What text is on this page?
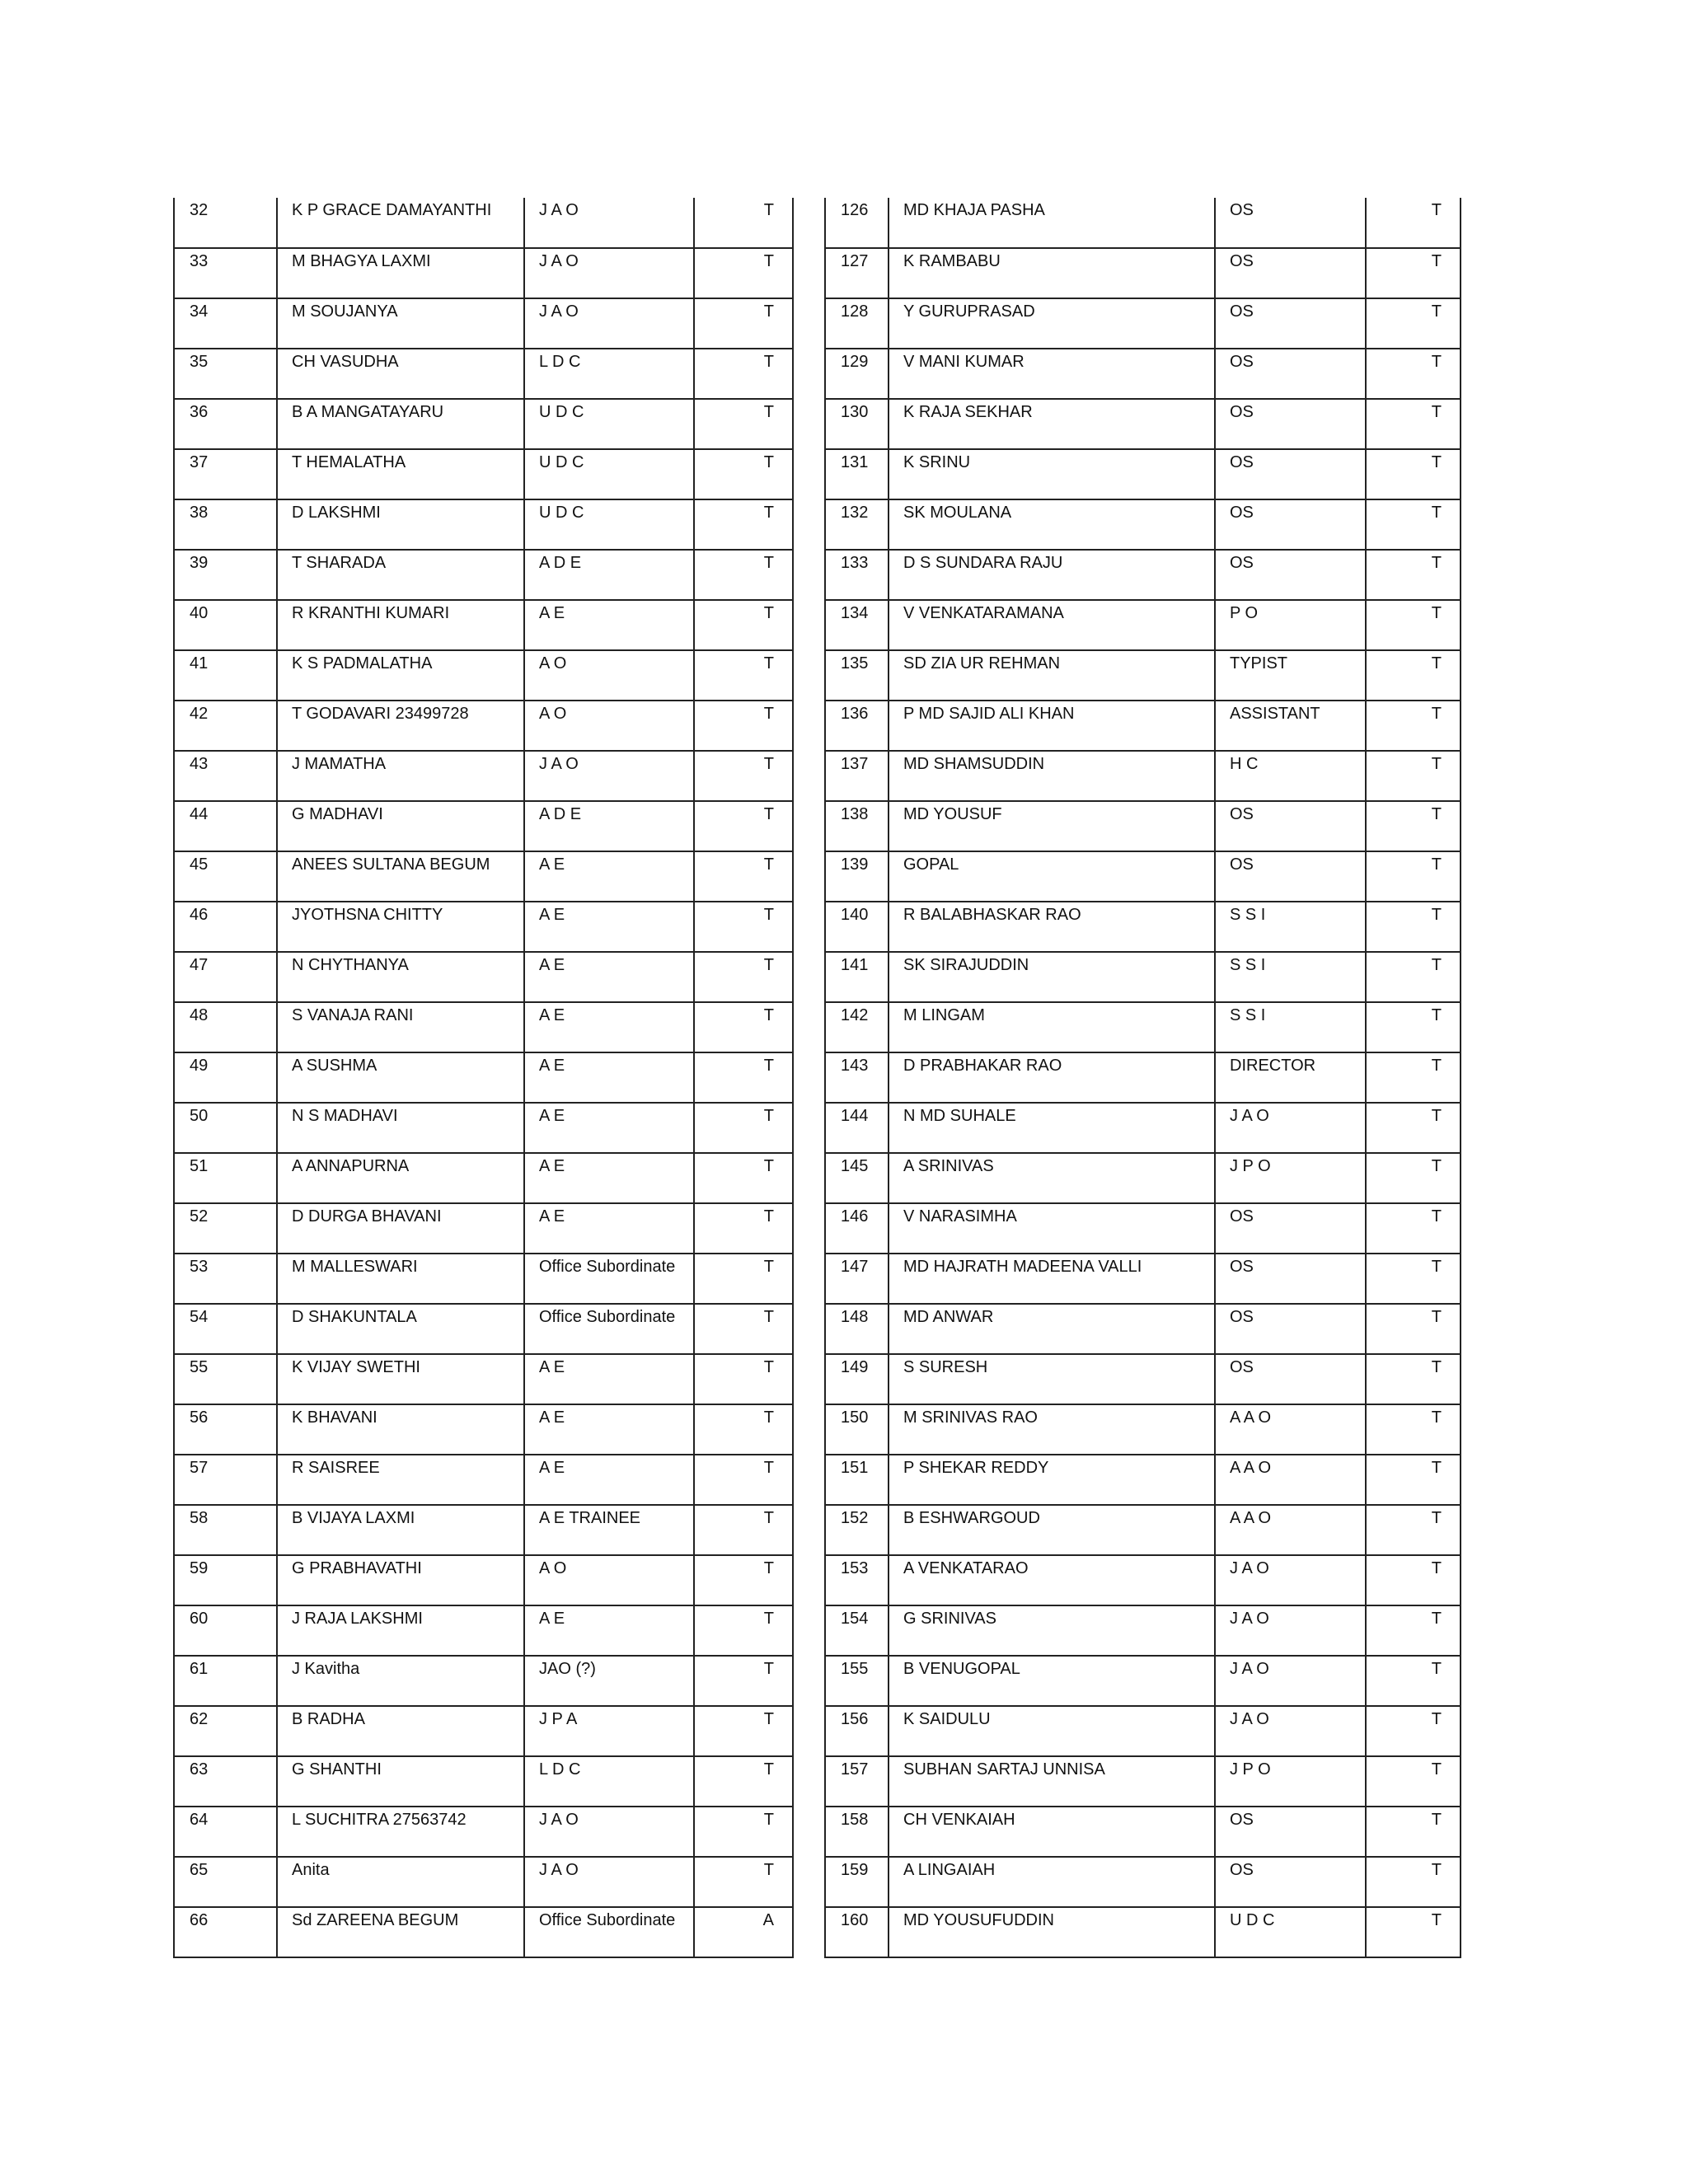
32	K P GRACE DAMAYANTHI	J A O	T

33	M BHAGYA LAXMI	J A O	T

34	M SOUJANYA	J A O	T

35	CH VASUDHA	L D C	T

36	B A MANGATAYARU	U D C	T

37	T HEMALATHA	U D C	T

38	D LAKSHMI	U D C	T

39	T SHARADA	A D E	T

40	R KRANTHI KUMARI	A E	T

41	K S PADMALATHA	A O	T

42	T GODAVARI 23499728	A O	T

43	J MAMATHA	J A O	T

44	G MADHAVI	A D E	T

45	ANEES SULTANA BEGUM	A E	T

46	JYOTHSNA CHITTY	A E	T

47	N CHYTHANYA	A E	T

48	S VANAJA RANI	A E	T

49	A SUSHMA	A E	T

50	N S MADHAVI	A E	T

51	A ANNAPURNA	A E	T

52	D DURGA BHAVANI	A E	T

53	M MALLESWARI	Office Subordinate	T

54	D SHAKUNTALA	Office Subordinate	T

55	K VIJAY SWETHI	A E	T

56	K BHAVANI	A E	T

57	R SAISREE	A E	T

58	B VIJAYA LAXMI	A E TRAINEE	T

59	G PRABHAVATHI	A O	T

60	J RAJA LAKSHMI	A E	T

61	J Kavitha	JAO (?)	T

62	B RADHA	J P A	T

63	G SHANTHI	L D C	T

64	L SUCHITRA 27563742	J A O	T

65	Anita	J A O	T

66	Sd ZAREENA BEGUM	Office Subordinate	A
126	MD KHAJA PASHA	OS	T

127	K RAMBABU	OS	T

128	Y GURUPRASAD	OS	T

129	V MANI KUMAR	OS	T

130	K RAJA SEKHAR	OS	T

131	K SRINU	OS	T

132	SK MOULANA	OS	T

133	D S SUNDARA RAJU	OS	T

134	V VENKATARAMANA	P O	T

135	SD ZIA UR REHMAN	TYPIST	T

136	P MD SAJID ALI KHAN	ASSISTANT	T

137	MD SHAMSUDDIN	H C	T

138	MD YOUSUF	OS	T

139	GOPAL	OS	T

140	R BALABHASKAR RAO	S S I	T

141	SK SIRAJUDDIN	S S I	T

142	M LINGAM	S S I	T

143	D PRABHAKAR RAO	DIRECTOR	T

144	N MD SUHALE	J A O	T

145	A SRINIVAS	J P O	T

146	V NARASIMHA	OS	T

147	MD HAJRATH MADEENA VALLI	OS	T

148	MD ANWAR	OS	T

149	S SURESH	OS	T

150	M SRINIVAS RAO	A A O	T

151	P SHEKAR REDDY	A A O	T

152	B ESHWARGOUD	A A O	T

153	A VENKATARAO	J A O	T

154	G SRINIVAS	J A O	T

155	B VENUGOPAL	J A O	T

156	K SAIDULU	J A O	T

157	SUBHAN SARTAJ UNNISA	J P O	T

158	CH VENKAIAH	OS	T

159	A LINGAIAH	OS	T

160	MD YOUSUFUDDIN	U D C	T
